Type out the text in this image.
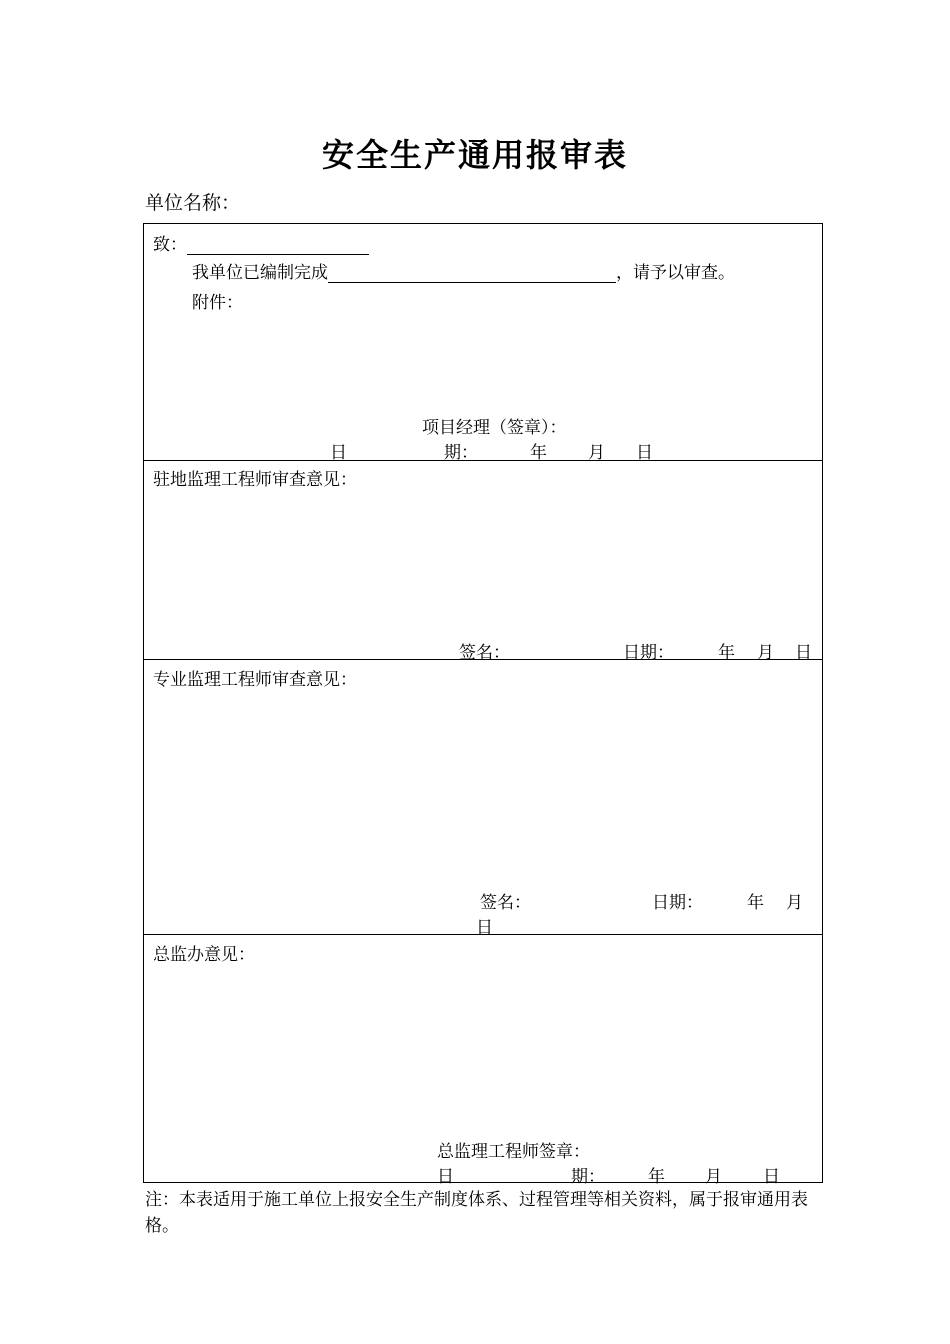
安全生产通用报审表
单位名称：
致：
我单位已编制完成	，请予以审查。
附件：
项目经理（签章）：
日	期：	年 月 日
驻地监理工程师审查意见：
签名：	日期：	年 月 日
专业监理工程师审查意见：
签名：	日期：	年 月
日
总监办意见：
总监理工程师签章：
日	期：	年 月 日
注：本表适用于施工单位上报安全生产制度体系、过程管理等相关资料，属于报审通用表格。
